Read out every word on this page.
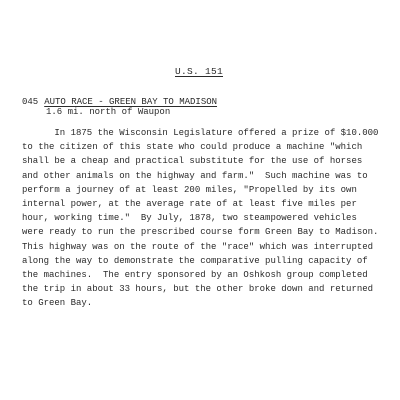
U.S. 151
045 AUTO RACE - GREEN BAY TO MADISON
1.6 mi. north of Waupon
In 1875 the Wisconsin Legislature offered a prize of $10.000
to the citizen of this state who could produce a machine "which
shall be a cheap and practical substitute for the use of horses
and other animals on the highway and farm."  Such machine was to
perform a journey of at least 200 miles, "Propelled by its own
internal power, at the average rate of at least five miles per
hour, working time."  By July, 1878, two steampowered vehicles
were ready to run the prescribed course form Green Bay to Madison.
This highway was on the route of the "race" which was interrupted
along the way to demonstrate the comparative pulling capacity of
the machines.  The entry sponsored by an Oshkosh group completed
the trip in about 33 hours, but the other broke down and returned
to Green Bay.
